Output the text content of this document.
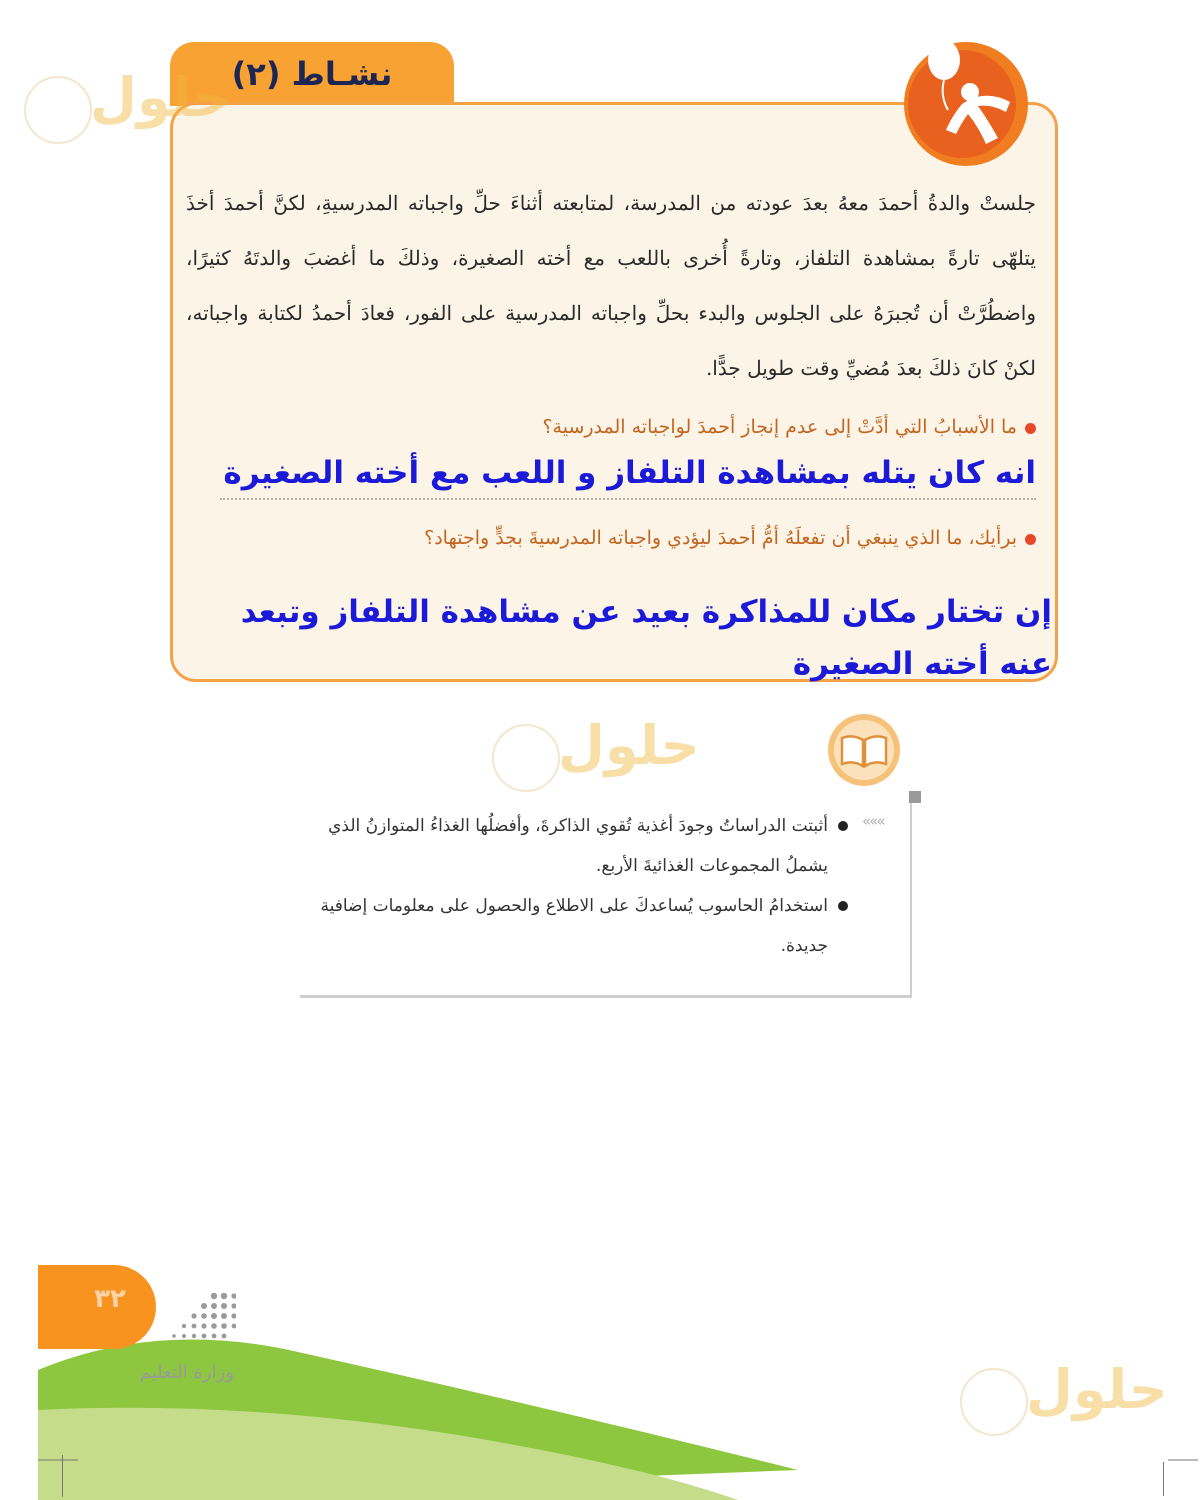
نشـاط (٢)
جلستْ والدةُ أحمدَ معهُ بعدَ عودته من المدرسة، لمتابعته أثناءَ حلِّ واجباته المدرسيةِ، لكنَّ أحمدَ أخذَ يتلهّى تارةً بمشاهدة التلفاز، وتارةً أُخرى باللعب مع أخته الصغيرة، وذلكَ ما أغضبَ والدتَهُ كثيرًا، واضطُرَّتْ أن تُجبرَهُ على الجلوس والبدء بحلِّ واجباته المدرسية على الفور، فعادَ أحمدُ لكتابة واجباته، لكنْ كانَ ذلكَ بعدَ مُضيِّ وقت طويل جدًّا.
ما الأسبابُ التي أدَّتْ إلى عدم إنجاز أحمدَ لواجباته المدرسية؟
انه كان يتله بمشاهدة التلفاز و اللعب مع أخته الصغيرة
برأيك، ما الذي ينبغي أن تفعلَهُ أمُّ أحمدَ ليؤدي واجباته المدرسيةَ بجدٍّ واجتهاد؟
إن تختار مكان للمذاكرة بعيد عن مشاهدة التلفاز وتبعد عنه أخته الصغيرة
حلول
حلول
حلول
«««
أثبتت الدراساتُ وجودَ أغذية تُقوي الذاكرةَ، وأفضلُها الغذاءُ المتوازنُ الذي يشملُ المجموعات الغذائيةَ الأربع.
استخدامُ الحاسوب يُساعدكَ على الاطلاع والحصول على معلومات إضافية جديدة.
٣٢
وزارة التعليم
